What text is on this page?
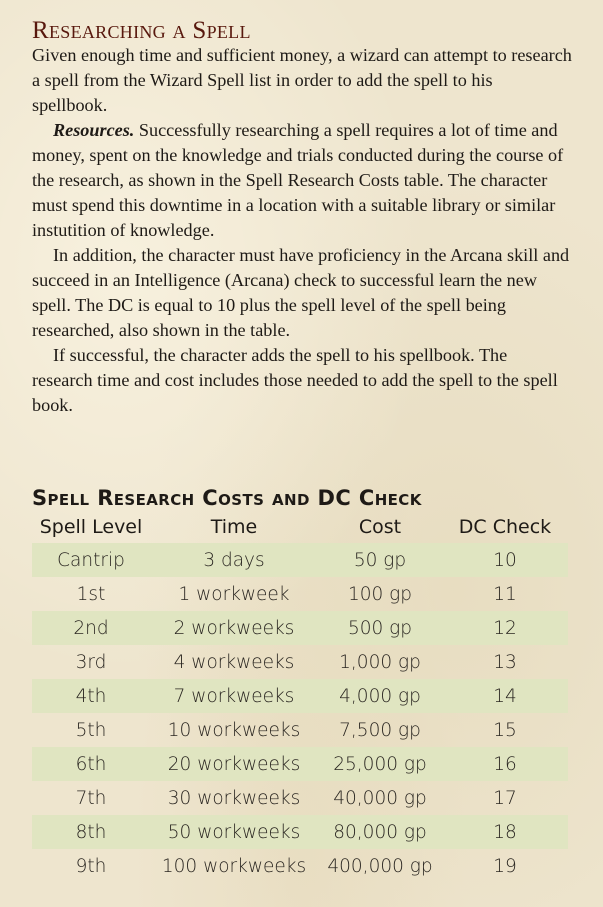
Researching a Spell

Given enough time and sufficient money, a wizard can attempt to research a spell from the Wizard Spell list in order to add the spell to his spellbook.

Resources. Successfully researching a spell requires a lot of time and money, spent on the knowledge and trials conducted during the course of the research, as shown in the Spell Research Costs table. The character must spend this downtime in a location with a suitable library or similar instutition of knowledge.

In addition, the character must have proficiency in the Arcana skill and succeed in an Intelligence (Arcana) check to successful learn the new spell. The DC is equal to 10 plus the spell level of the spell being researched, also shown in the table.

If successful, the character adds the spell to his spellbook. The research time and cost includes those needed to add the spell to the spell book.

Spell Research Costs and DC Check
Spell Level	Time	Cost	DC Check
Cantrip	3 days	50 gp	10
1st	1 workweek	100 gp	11
2nd	2 workweeks	500 gp	12
3rd	4 workweeks	1,000 gp	13
4th	7 workweeks	4,000 gp	14
5th	10 workweeks	7,500 gp	15
6th	20 workweeks	25,000 gp	16
7th	30 workweeks	40,000 gp	17
8th	50 workweeks	80,000 gp	18
9th	100 workweeks	400,000 gp	19
